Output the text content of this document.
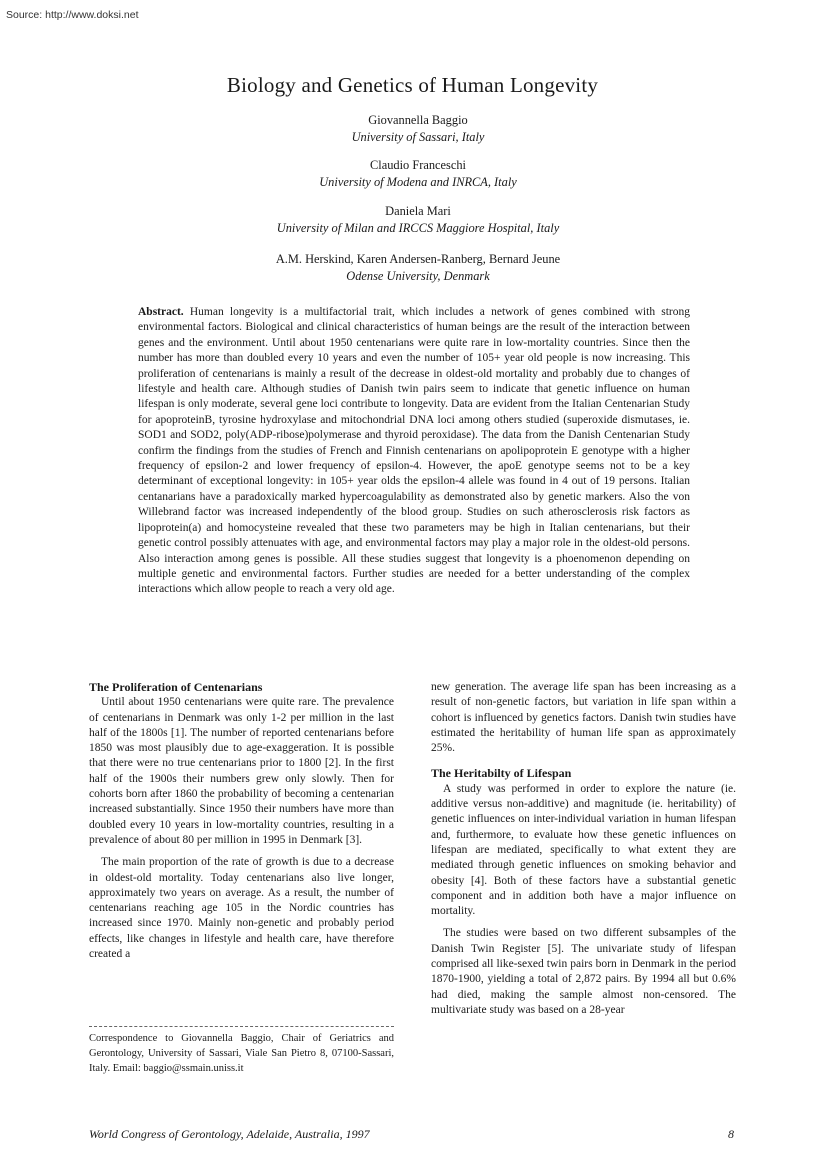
Source: http://www.doksi.net
Biology and Genetics of Human Longevity
Giovannella Baggio
University of Sassari, Italy
Claudio Franceschi
University of Modena and INRCA, Italy
Daniela Mari
University of Milan and IRCCS Maggiore Hospital, Italy
A.M. Herskind, Karen Andersen-Ranberg, Bernard Jeune
Odense University, Denmark
Abstract. Human longevity is a multifactorial trait, which includes a network of genes combined with strong environmental factors. Biological and clinical characteristics of human beings are the result of the interaction between genes and the environment. Until about 1950 centenarians were quite rare in low-mortality countries. Since then the number has more than doubled every 10 years and even the number of 105+ year old people is now increasing. This proliferation of centenarians is mainly a result of the decrease in oldest-old mortality and probably due to changes of lifestyle and health care. Although studies of Danish twin pairs seem to indicate that genetic influence on human lifespan is only moderate, several gene loci contribute to longevity. Data are evident from the Italian Centenarian Study for apoproteinB, tyrosine hydroxylase and mitochondrial DNA loci among others studied (superoxide dismutases, ie. SOD1 and SOD2, poly(ADP-ribose)polymerase and thyroid peroxidase). The data from the Danish Centenarian Study confirm the findings from the studies of French and Finnish centenarians on apolipoprotein E genotype with a higher frequency of epsilon-2 and lower frequency of epsilon-4. However, the apoE genotype seems not to be a key determinant of exceptional longevity: in 105+ year olds the epsilon-4 allele was found in 4 out of 19 persons. Italian centanarians have a paradoxically marked hypercoagulability as demonstrated also by genetic markers. Also the von Willebrand factor was increased independently of the blood group. Studies on such atherosclerosis risk factors as lipoprotein(a) and homocysteine revealed that these two parameters may be high in Italian centenarians, but their genetic control possibly attenuates with age, and environmental factors may play a major role in the oldest-old persons. Also interaction among genes is possible. All these studies suggest that longevity is a phoenomenon depending on multiple genetic and environmental factors. Further studies are needed for a better understanding of the complex interactions which allow people to reach a very old age.
The Proliferation of Centenarians

Until about 1950 centenarians were quite rare. The prevalence of centenarians in Denmark was only 1-2 per million in the last half of the 1800s [1]. The number of reported centenarians before 1850 was most plausibly due to age-exaggeration. It is possible that there were no true centenarians prior to 1800 [2]. In the first half of the 1900s their numbers grew only slowly. Then for cohorts born after 1860 the probability of becoming a centenarian increased substantially. Since 1950 their numbers have more than doubled every 10 years in low-mortality countries, resulting in a prevalence of about 80 per million in 1995 in Denmark [3].

The main proportion of the rate of growth is due to a decrease in oldest-old mortality. Today centenarians also live longer, approximately two years on average. As a result, the number of centenarians reaching age 105 in the Nordic countries has increased since 1970. Mainly non-genetic and probably period effects, like changes in lifestyle and health care, have therefore created a

new generation. The average life span has been increasing as a result of non-genetic factors, but variation in life span within a cohort is influenced by genetics factors. Danish twin studies have estimated the heritability of human life span as approximately 25%.

The Heritabilty of Lifespan

A study was performed in order to explore the nature (ie. additive versus non-additive) and magnitude (ie. heritability) of genetic influences on inter-individual variation in human lifespan and, furthermore, to evaluate how these genetic influences on lifespan are mediated, specifically to what extent they are mediated through genetic influences on smoking behavior and obesity [4]. Both of these factors have a substantial genetic component and in addition both have a major influence on mortality.

The studies were based on two different subsamples of the Danish Twin Register [5]. The univariate study of lifespan comprised all like-sexed twin pairs born in Denmark in the period 1870-1900, yielding a total of 2,872 pairs. By 1994 all but 0.6% had died, making the sample almost non-censored. The multivariate study was based on a 28-year

Correspondence to Giovannella Baggio, Chair of Geriatrics and Gerontology, University of Sassari, Viale San Pietro 8, 07100-Sassari, Italy. Email: baggio@ssmain.uniss.it
World Congress of Gerontology, Adelaide, Australia, 1997	8
